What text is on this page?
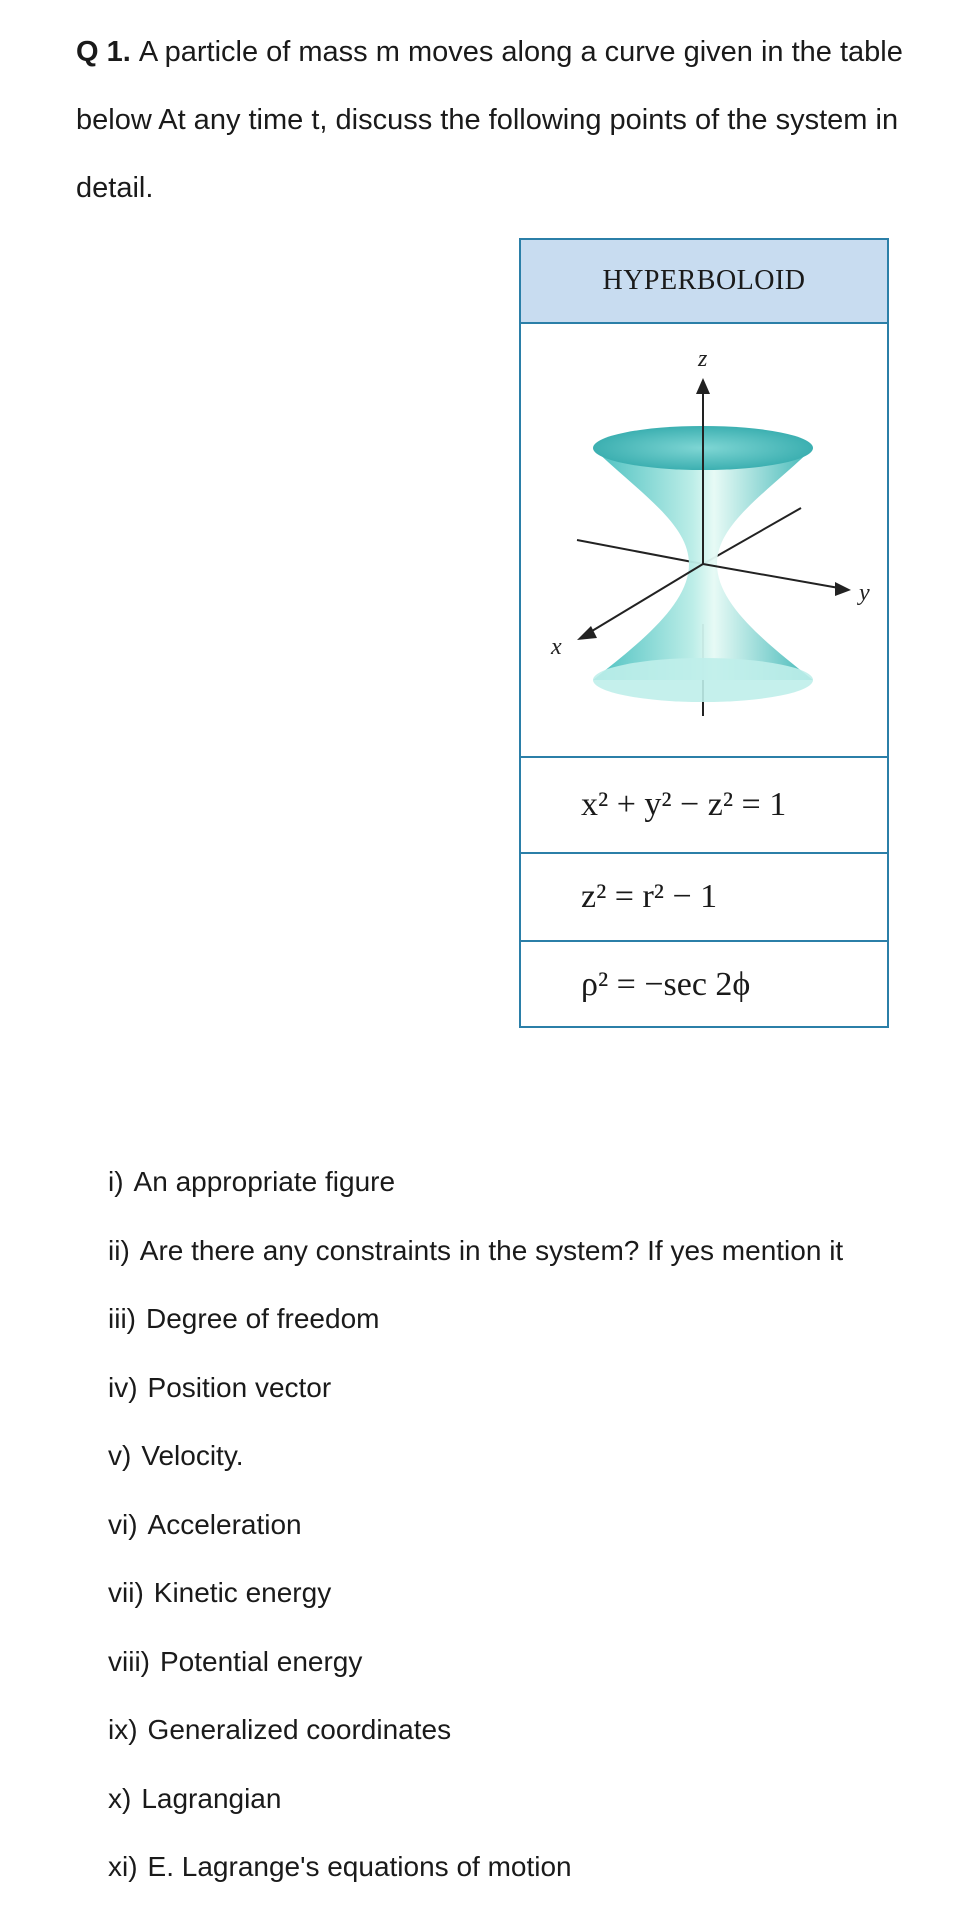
Q 1. A particle of mass m moves along a curve given in the table below At any time t, discuss the following points of the system in detail.
HYPERBOLOID
z
x
y
x² + y² − z² = 1
z² = r² − 1
ρ² = −sec 2ϕ
i) An appropriate figure
ii) Are there any constraints in the system? If yes mention it
iii) Degree of freedom
iv) Position vector
v) Velocity.
vi) Acceleration
vii) Kinetic energy
viii) Potential energy
ix) Generalized coordinates
x) Lagrangian
xi) E. Lagrange's equations of motion
